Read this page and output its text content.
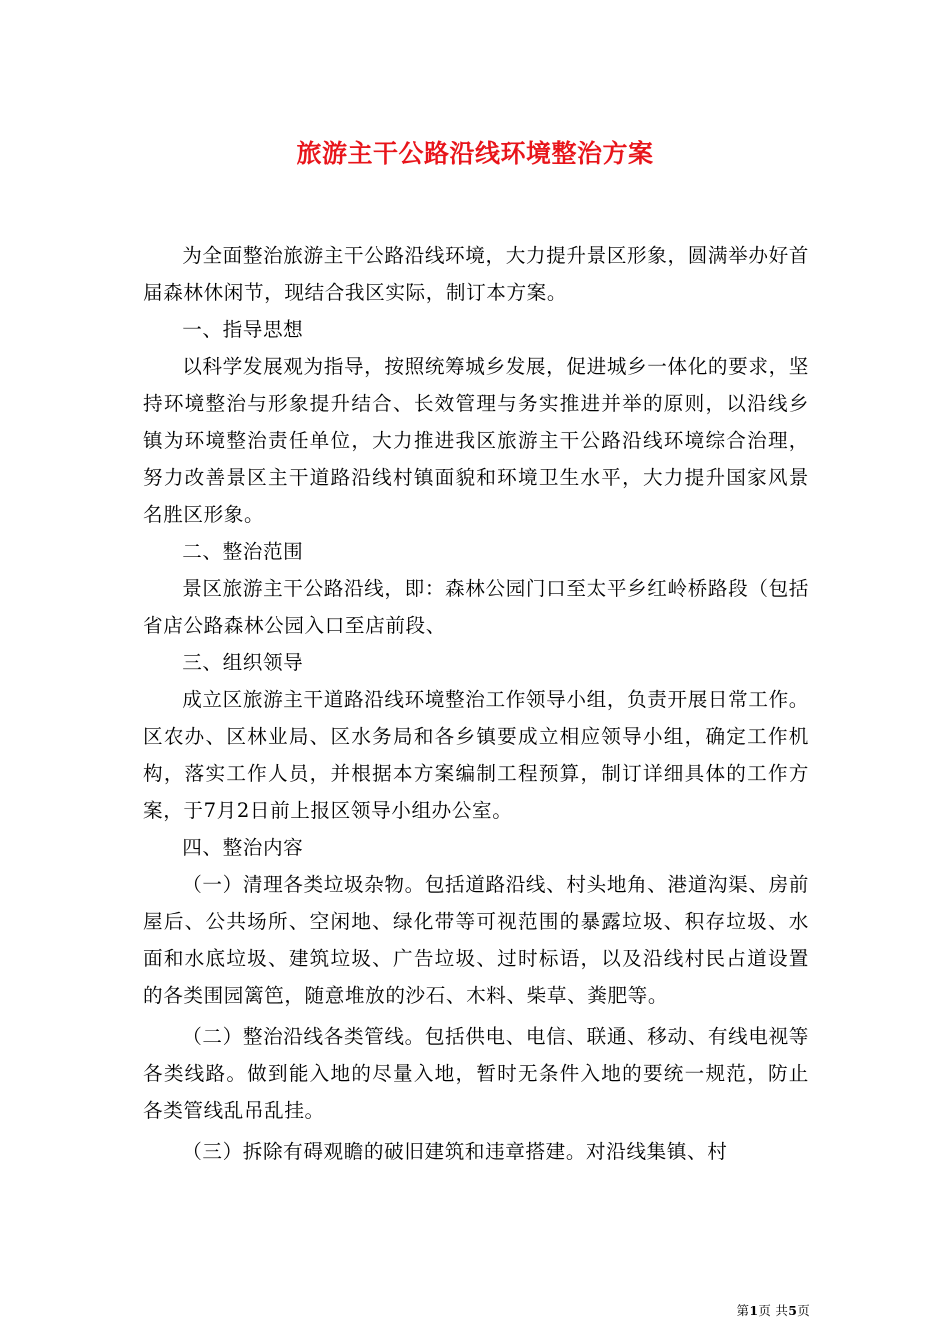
旅游主干公路沿线环境整治方案

为全面整治旅游主干公路沿线环境，大力提升景区形象，圆满举办好首届森林休闲节，现结合我区实际，制订本方案。

一、指导思想

以科学发展观为指导，按照统筹城乡发展，促进城乡一体化的要求，坚持环境整治与形象提升结合、长效管理与务实推进并举的原则，以沿线乡镇为环境整治责任单位，大力推进我区旅游主干公路沿线环境综合治理，努力改善景区主干道路沿线村镇面貌和环境卫生水平，大力提升国家风景名胜区形象。

二、整治范围

景区旅游主干公路沿线，即：森林公园门口至太平乡红岭桥路段（包括省店公路森林公园入口至店前段、

三、组织领导

成立区旅游主干道路沿线环境整治工作领导小组，负责开展日常工作。区农办、区林业局、区水务局和各乡镇要成立相应领导小组，确定工作机构，落实工作人员，并根据本方案编制工程预算，制订详细具体的工作方案，于7月2日前上报区领导小组办公室。

四、整治内容

（一）清理各类垃圾杂物。包括道路沿线、村头地角、港道沟渠、房前屋后、公共场所、空闲地、绿化带等可视范围的暴露垃圾、积存垃圾、水面和水底垃圾、建筑垃圾、广告垃圾、过时标语，以及沿线村民占道设置的各类围园篱笆，随意堆放的沙石、木料、柴草、粪肥等。

（二）整治沿线各类管线。包括供电、电信、联通、移动、有线电视等各类线路。做到能入地的尽量入地，暂时无条件入地的要统一规范，防止各类管线乱吊乱挂。

（三）拆除有碍观瞻的破旧建筑和违章搭建。对沿线集镇、村

第1页 共5页
